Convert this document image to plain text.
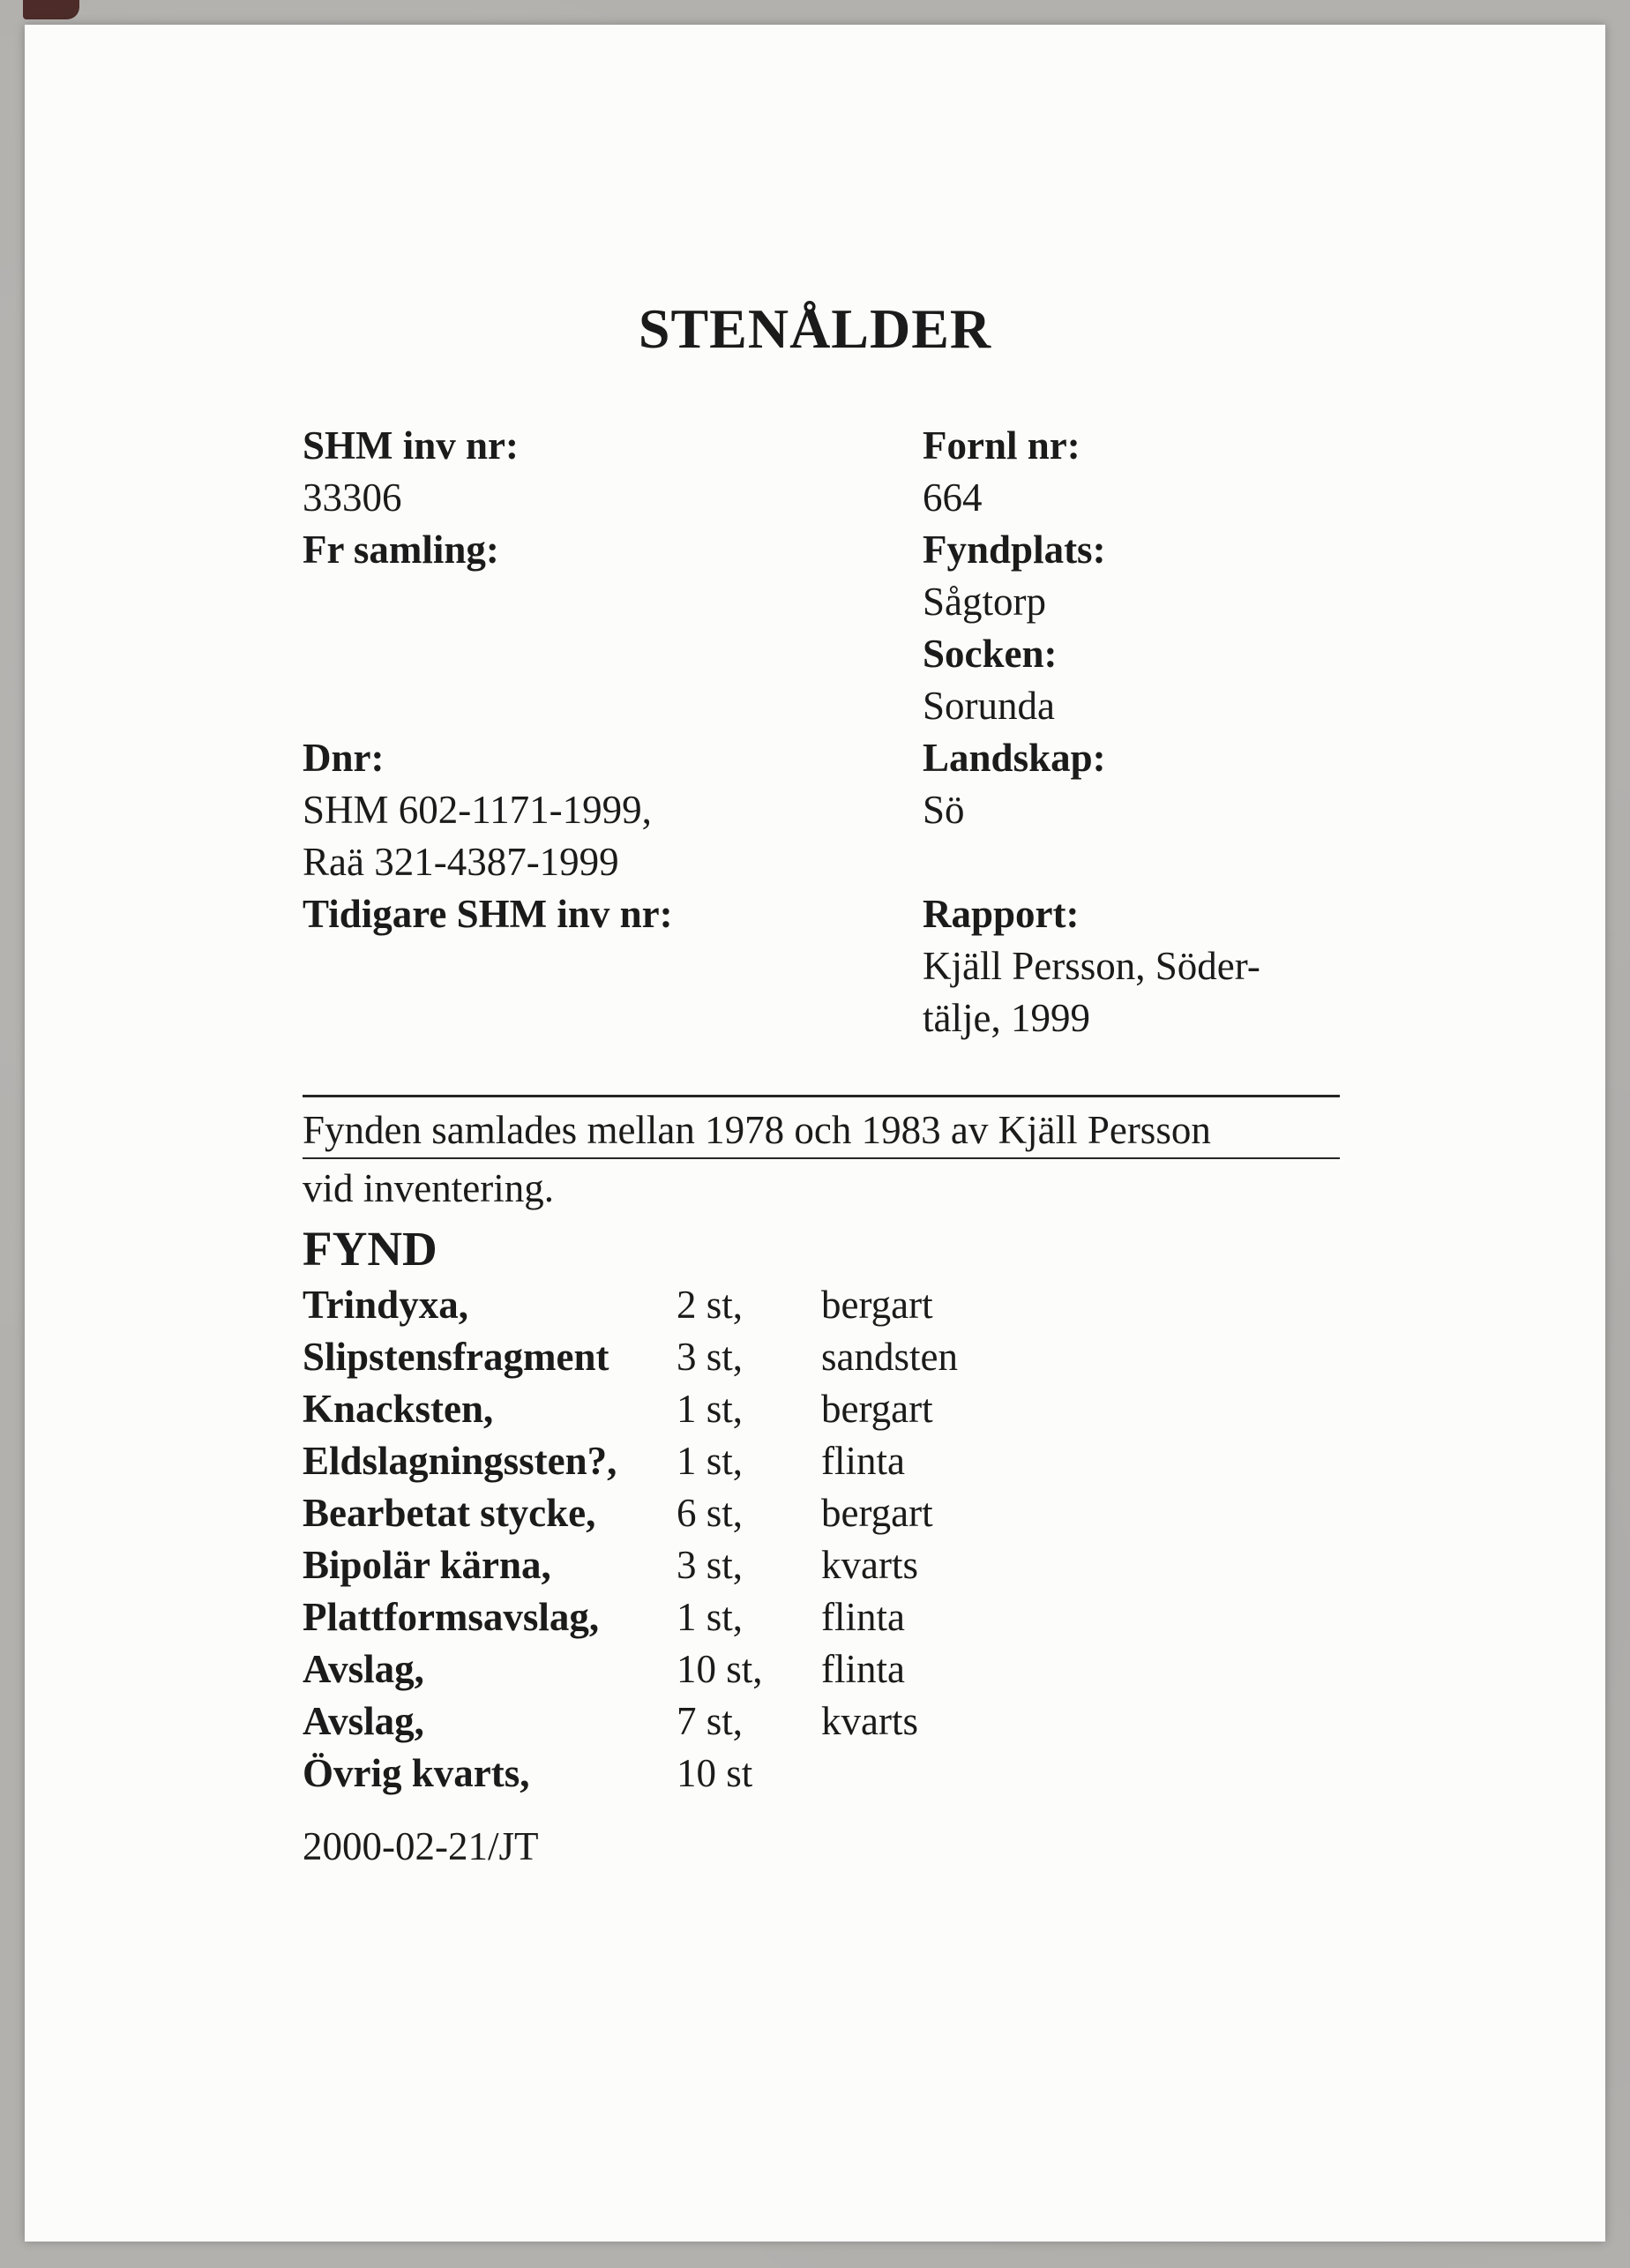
STENÅLDER
SHM inv nr:
33306
Fr samling:

Dnr:
SHM 602-1171-1999,
Raä 321-4387-1999
Tidigare SHM inv nr:
Fornl nr:
664
Fyndplats:
Sågtorp
Socken:
Sorunda
Landskap:
Sö

Rapport:
Kjäll Persson, Söder-
tälje, 1999
Fynden samlades mellan 1978 och 1983 av Kjäll Persson
vid inventering.
FYND
Trindyxa,	2 st,	bergart
Slipstensfragment	3 st,	sandsten
Knacksten,	1 st,	bergart
Eldslagningssten?,	1 st,	flinta
Bearbetat stycke,	6 st,	bergart
Bipolär kärna,	3 st,	kvarts
Plattformsavslag,	1 st,	flinta
Avslag,	10 st,	flinta
Avslag,	7 st,	kvarts
Övrig kvarts,	10 st

2000-02-21/JT
